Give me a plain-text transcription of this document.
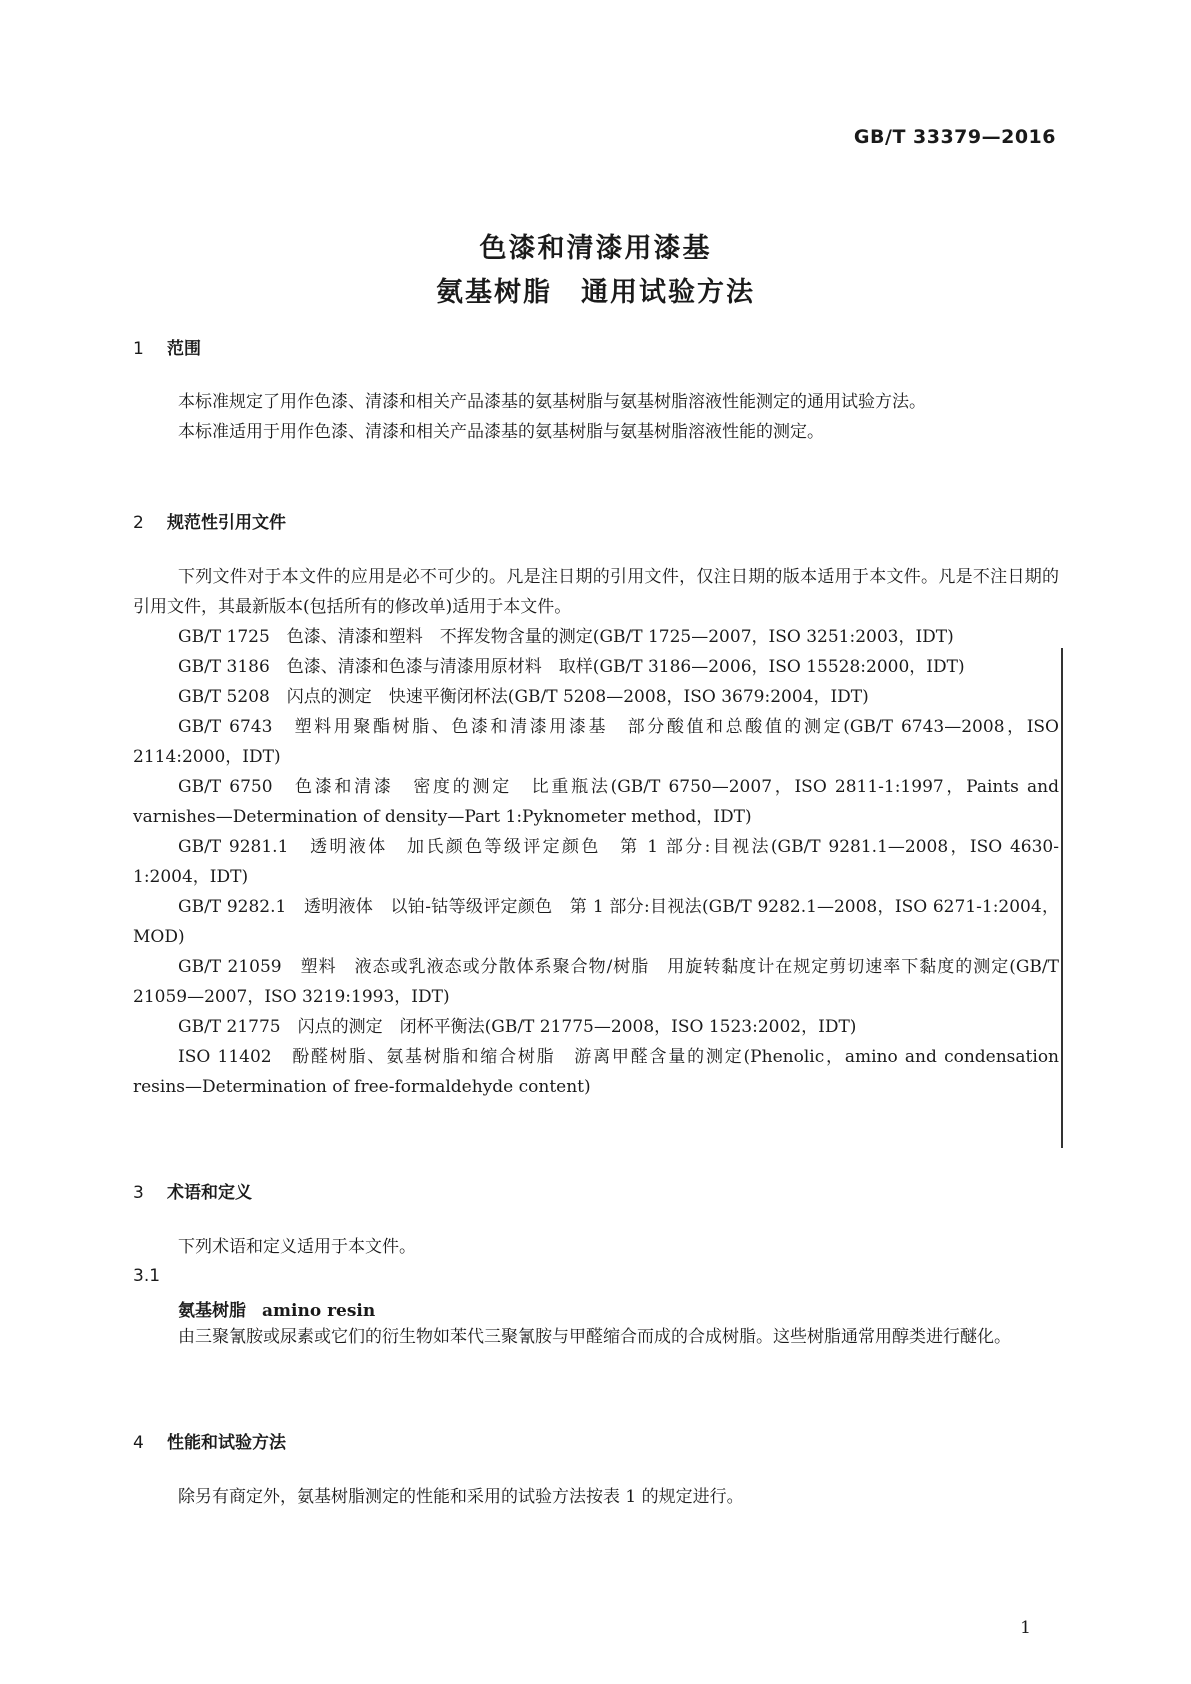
GB/T 33379—2016
色漆和清漆用漆基
氨基树脂　通用试验方法
1 范围

本标准规定了用作色漆、清漆和相关产品漆基的氨基树脂与氨基树脂溶液性能测定的通用试验方法。

本标准适用于用作色漆、清漆和相关产品漆基的氨基树脂与氨基树脂溶液性能的测定。

2 规范性引用文件

下列文件对于本文件的应用是必不可少的。凡是注日期的引用文件，仅注日期的版本适用于本文件。凡是不注日期的引用文件，其最新版本(包括所有的修改单)适用于本文件。

GB/T 1725　色漆、清漆和塑料　不挥发物含量的测定(GB/T 1725—2007，ISO 3251:2003，IDT)

GB/T 3186　色漆、清漆和色漆与清漆用原材料　取样(GB/T 3186—2006，ISO 15528:2000，IDT)

GB/T 5208　闪点的测定　快速平衡闭杯法(GB/T 5208—2008，ISO 3679:2004，IDT)

GB/T 6743　塑料用聚酯树脂、色漆和清漆用漆基　部分酸值和总酸值的测定(GB/T 6743—2008，ISO 2114:2000，IDT)

GB/T 6750　色漆和清漆　密度的测定　比重瓶法(GB/T 6750—2007，ISO 2811-1:1997，Paints and varnishes—Determination of density—Part 1:Pyknometer method，IDT)

GB/T 9281.1　透明液体　加氏颜色等级评定颜色　第 1 部分:目视法(GB/T 9281.1—2008，ISO 4630-1:2004，IDT)

GB/T 9282.1　透明液体　以铂-钴等级评定颜色　第 1 部分:目视法(GB/T 9282.1—2008，ISO 6271-1:2004，MOD)

GB/T 21059　塑料　液态或乳液态或分散体系聚合物/树脂　用旋转黏度计在规定剪切速率下黏度的测定(GB/T 21059—2007，ISO 3219:1993，IDT)

GB/T 21775　闪点的测定　闭杯平衡法(GB/T 21775—2008，ISO 1523:2002，IDT)

ISO 11402　酚醛树脂、氨基树脂和缩合树脂　游离甲醛含量的测定(Phenolic，amino and condensation resins—Determination of free-formaldehyde content)

3 术语和定义

下列术语和定义适用于本文件。

3.1
氨基树脂 amino resin

由三聚氰胺或尿素或它们的衍生物如苯代三聚氰胺与甲醛缩合而成的合成树脂。这些树脂通常用醇类进行醚化。

4 性能和试验方法

除另有商定外，氨基树脂测定的性能和采用的试验方法按表 1 的规定进行。

1
